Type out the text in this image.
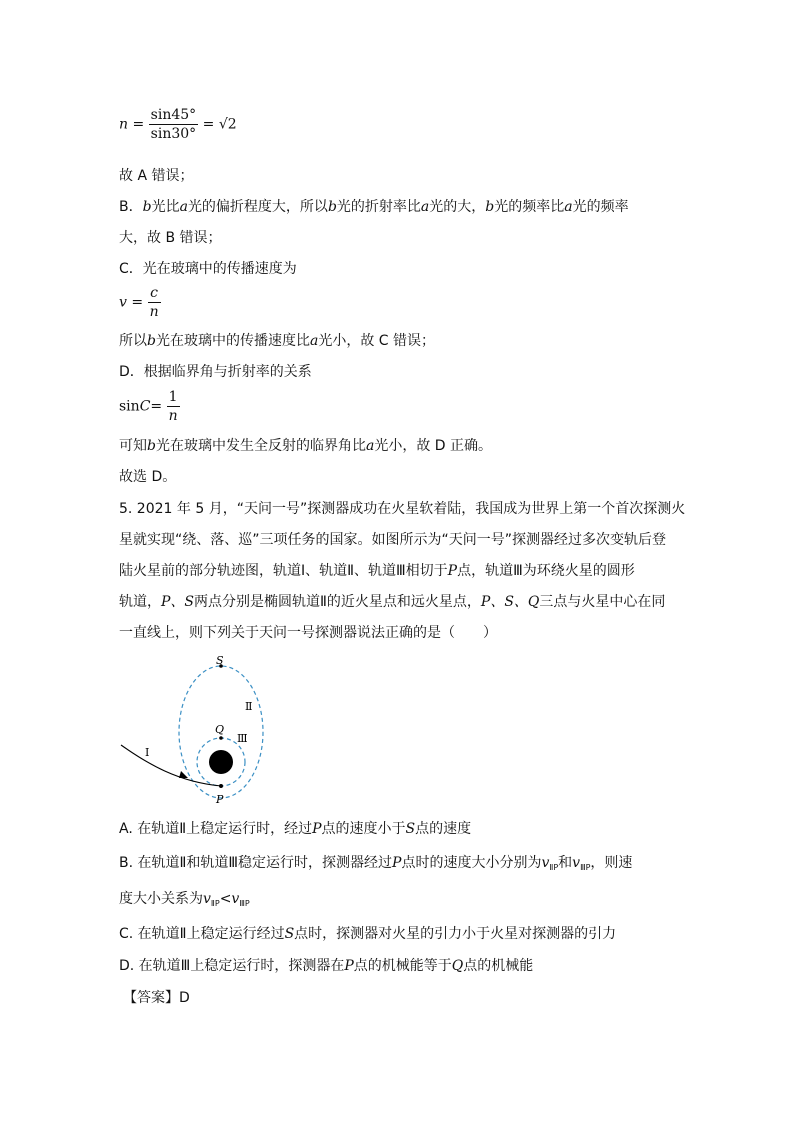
$n = \frac{\sin 45^\circ}{\sin 30^\circ} = √2$
故 A 错误；
B．b光比a光的偏折程度大，所以b光的折射率比a光的大，b光的频率比a光的频率
大，故 B 错误；
C．光在玻璃中的传播速度为
$v = \frac{c}{n}$
所以b光在玻璃中的传播速度比a光小，故 C 错误；
D．根据临界角与折射率的关系
$\sin C= \frac{1}{n}$
可知b光在玻璃中发生全反射的临界角比a光小，故 D 正确。
故选 D。
5. 2021 年 5 月，“天问一号”探测器成功在火星软着陆，我国成为世界上第一个首次探测火
星就实现“绕、落、巡”三项任务的国家。如图所示为“天问一号”探测器经过多次变轨后登
陆火星前的部分轨迹图，轨道Ⅰ、轨道Ⅱ、轨道Ⅲ相切于P点，轨道Ⅲ为环绕火星的圆形
轨道，P、S两点分别是椭圆轨道Ⅱ的近火星点和远火星点，P、S、Q三点与火星中心在同
一直线上，则下列关于天问一号探测器说法正确的是（　　）
S
Q
P
Ⅰ
Ⅱ
Ⅲ
A. 在轨道Ⅱ上稳定运行时，经过P点的速度小于S点的速度
B. 在轨道Ⅱ和轨道Ⅲ稳定运行时，探测器经过P点时的速度大小分别为$v_{ⅡP}$和$v_{ⅢP}$，则速
度大小关系为$v_{ⅡP}<v_{ⅢP}$
C. 在轨道Ⅱ上稳定运行经过S点时，探测器对火星的引力小于火星对探测器的引力
D. 在轨道Ⅲ上稳定运行时，探测器在P点的机械能等于Q点的机械能
【答案】D
